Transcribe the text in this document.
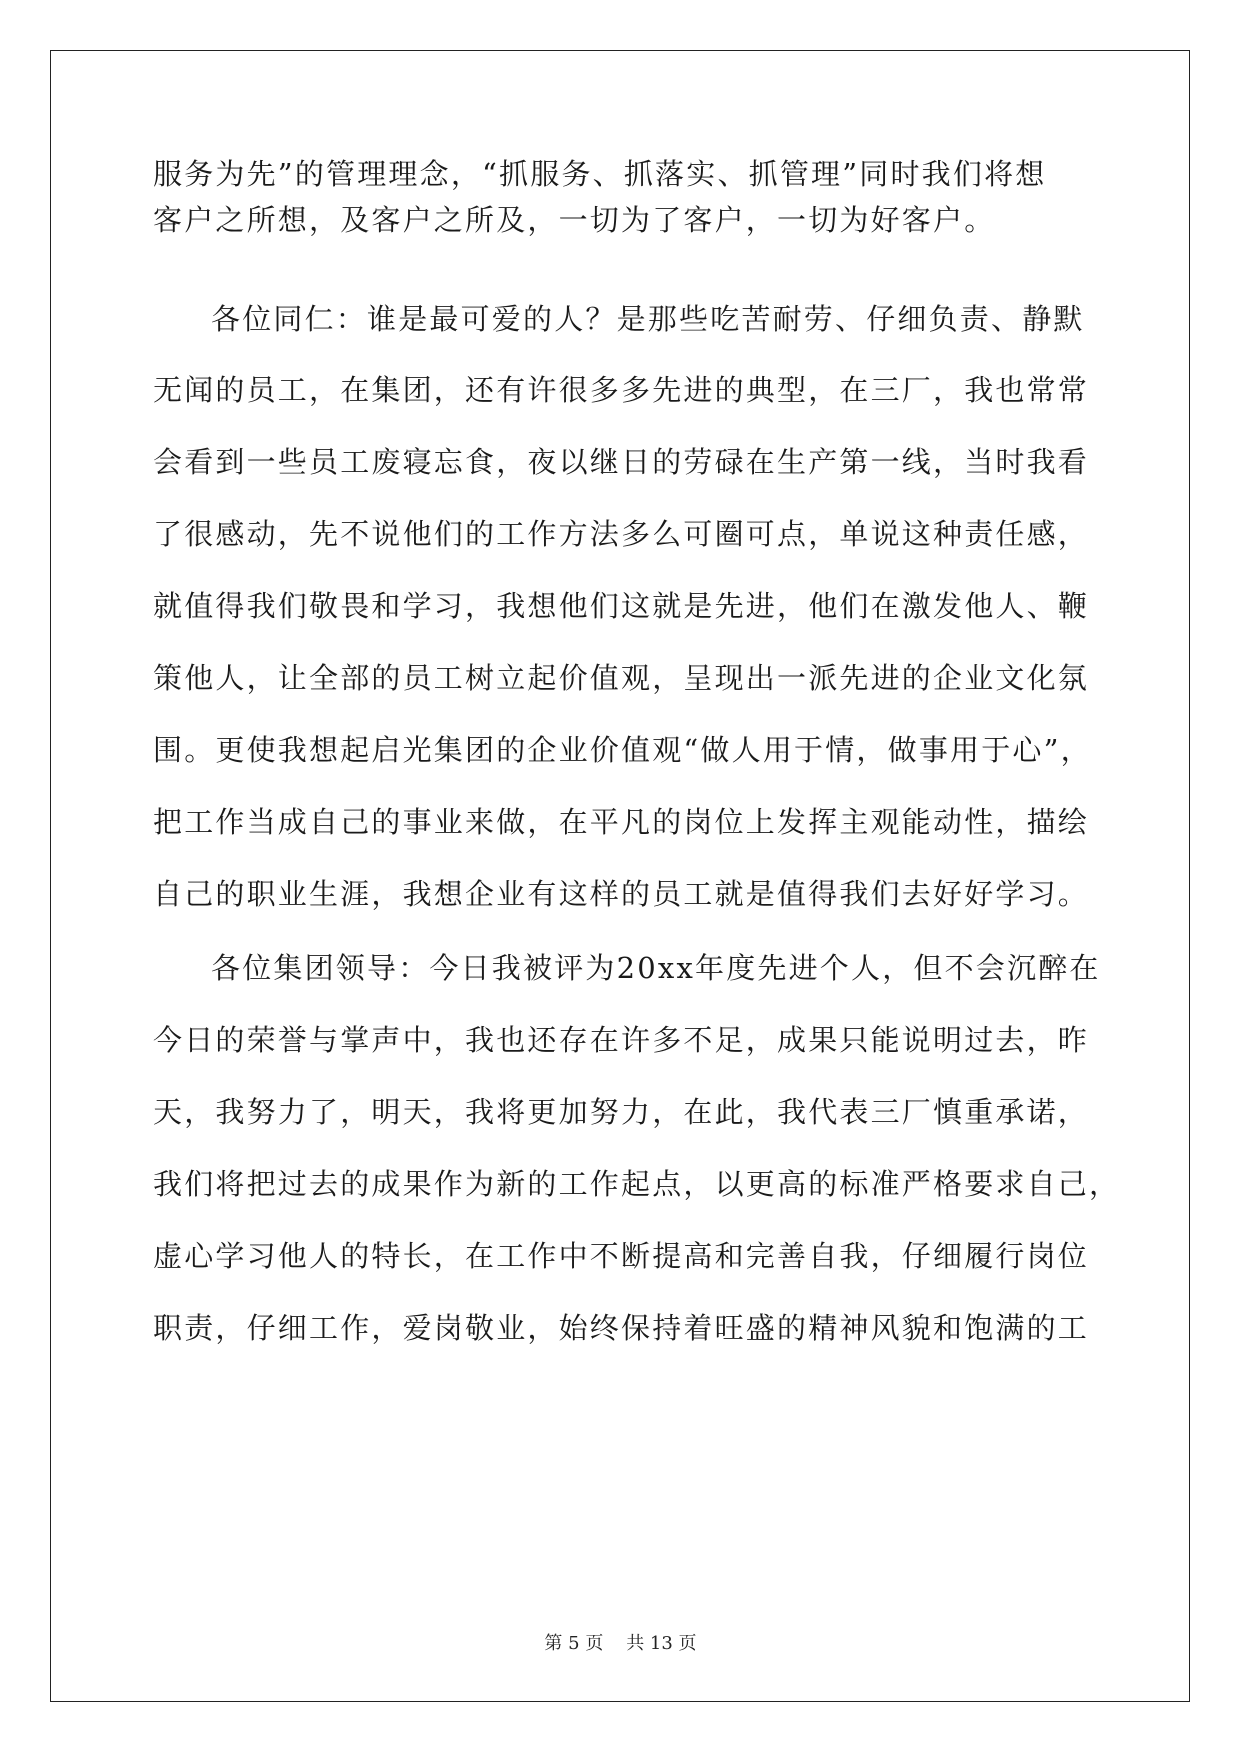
服务为先”的管理理念，“抓服务、抓落实、抓管理”同时我们将想
客户之所想，及客户之所及，一切为了客户，一切为好客户。
各位同仁：谁是最可爱的人？是那些吃苦耐劳、仔细负责、静默
无闻的员工，在集团，还有许很多多先进的典型，在三厂，我也常常
会看到一些员工废寝忘食，夜以继日的劳碌在生产第一线，当时我看
了很感动，先不说他们的工作方法多么可圈可点，单说这种责任感，
就值得我们敬畏和学习，我想他们这就是先进，他们在激发他人、鞭
策他人，让全部的员工树立起价值观，呈现出一派先进的企业文化氛
围。更使我想起启光集团的企业价值观“做人用于情，做事用于心”，
把工作当成自己的事业来做，在平凡的岗位上发挥主观能动性，描绘
自己的职业生涯，我想企业有这样的员工就是值得我们去好好学习。
各位集团领导：今日我被评为20xx年度先进个人，但不会沉醉在
今日的荣誉与掌声中，我也还存在许多不足，成果只能说明过去，昨
天，我努力了，明天，我将更加努力，在此，我代表三厂慎重承诺，
我们将把过去的成果作为新的工作起点，以更高的标准严格要求自己，
虚心学习他人的特长，在工作中不断提高和完善自我，仔细履行岗位
职责，仔细工作，爱岗敬业，始终保持着旺盛的精神风貌和饱满的工
第 5 页    共 13 页
